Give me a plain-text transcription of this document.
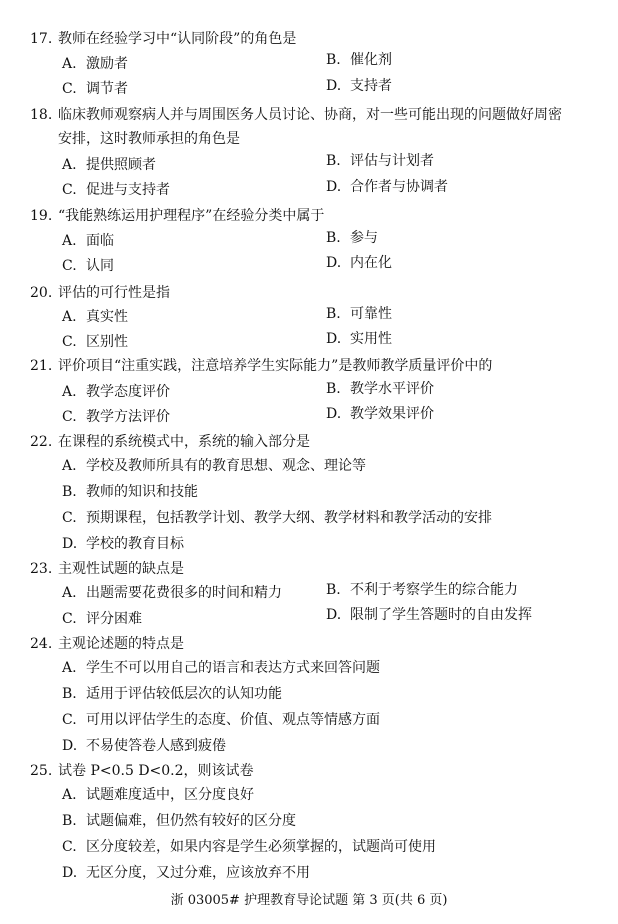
17. 教师在经验学习中“认同阶段”的角色是
A. 激励者	B. 催化剂
C. 调节者	D. 支持者
18. 临床教师观察病人并与周围医务人员讨论、协商，对一些可能出现的问题做好周密
安排，这时教师承担的角色是
A. 提供照顾者	B. 评估与计划者
C. 促进与支持者	D. 合作者与协调者
19. “我能熟练运用护理程序”在经验分类中属于
A. 面临	B. 参与
C. 认同	D. 内在化
20. 评估的可行性是指
A. 真实性	B. 可靠性
C. 区别性	D. 实用性
21. 评价项目“注重实践，注意培养学生实际能力”是教师教学质量评价中的
A. 教学态度评价	B. 教学水平评价
C. 教学方法评价	D. 教学效果评价
22. 在课程的系统模式中，系统的输入部分是
A. 学校及教师所具有的教育思想、观念、理论等
B. 教师的知识和技能
C. 预期课程，包括教学计划、教学大纲、教学材料和教学活动的安排
D. 学校的教育目标
23. 主观性试题的缺点是
A. 出题需要花费很多的时间和精力	B. 不利于考察学生的综合能力
C. 评分困难	D. 限制了学生答题时的自由发挥
24. 主观论述题的特点是
A. 学生不可以用自己的语言和表达方式来回答问题
B. 适用于评估较低层次的认知功能
C. 可用以评估学生的态度、价值、观点等情感方面
D. 不易使答卷人感到疲倦
25. 试卷 P<0.5 D<0.2，则该试卷
A. 试题难度适中，区分度良好
B. 试题偏难，但仍然有较好的区分度
C. 区分度较差，如果内容是学生必须掌握的，试题尚可使用
D. 无区分度，又过分难，应该放弃不用
浙 03005# 护理教育导论试题 第 3 页(共 6 页)
